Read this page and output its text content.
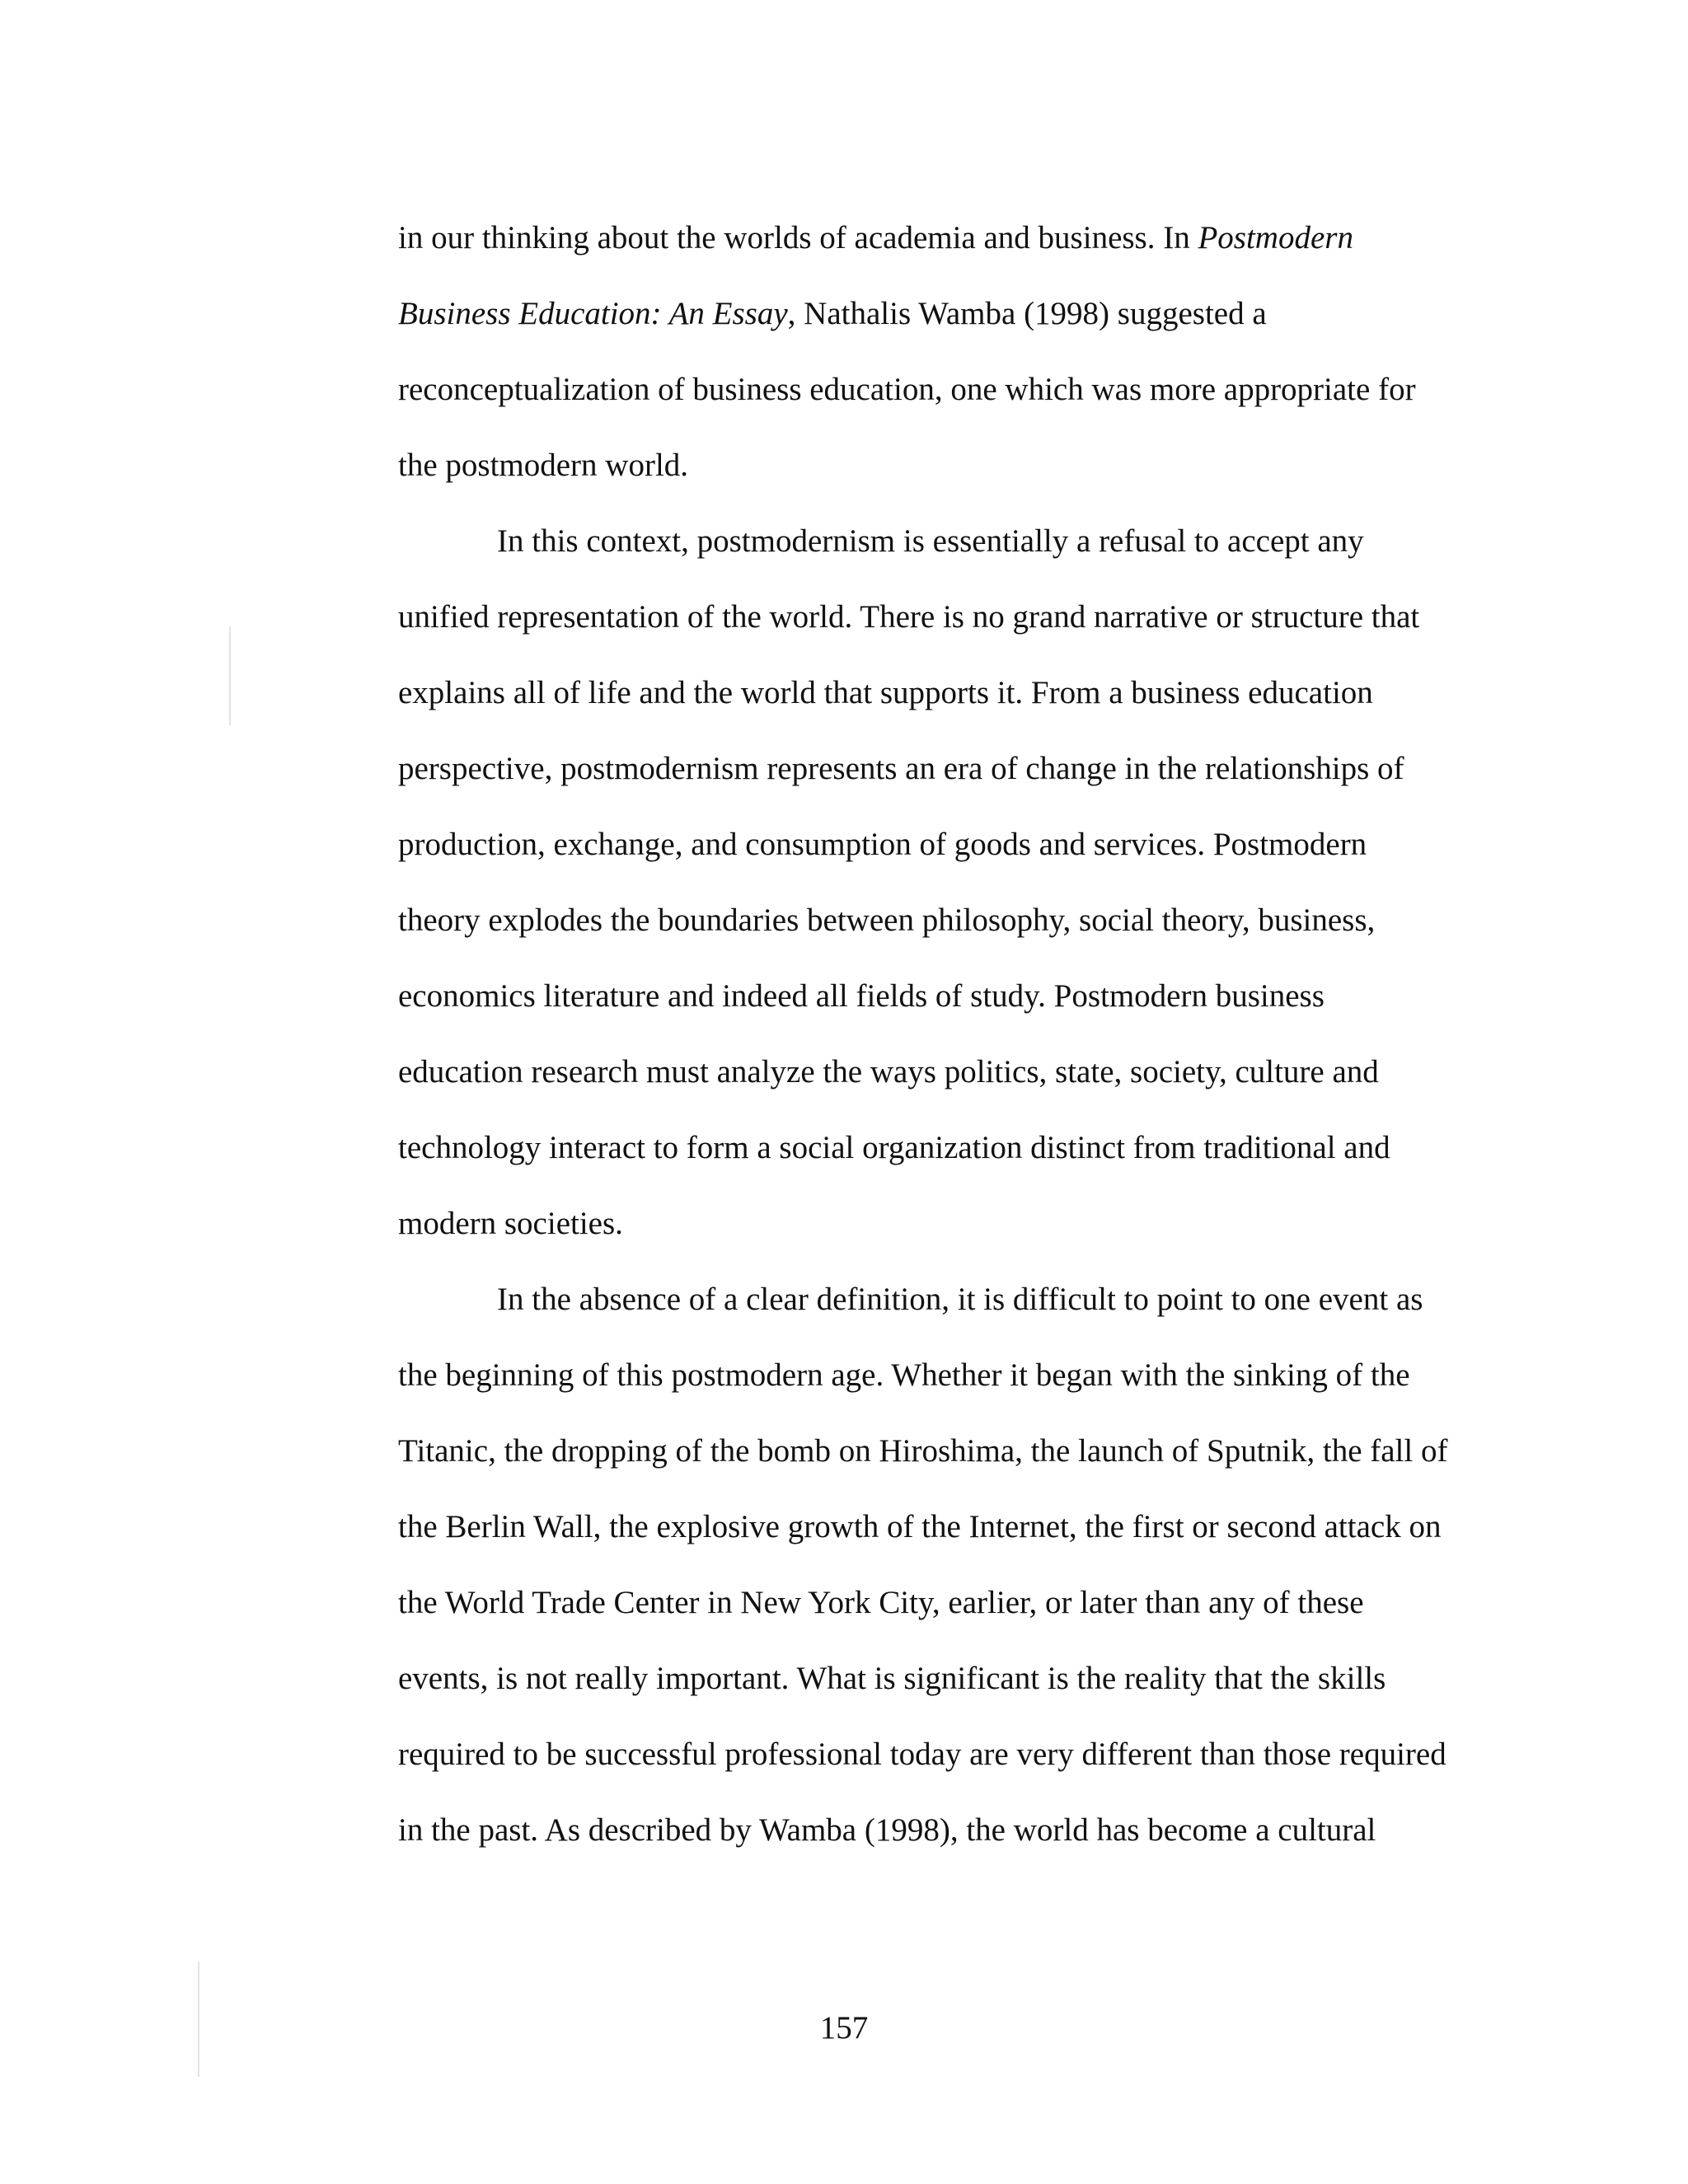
in our thinking about the worlds of academia and business. In Postmodern
Business Education: An Essay, Nathalis Wamba (1998) suggested a
reconceptualization of business education, one which was more appropriate for
the postmodern world.
In this context, postmodernism is essentially a refusal to accept any
unified representation of the world. There is no grand narrative or structure that
explains all of life and the world that supports it. From a business education
perspective, postmodernism represents an era of change in the relationships of
production, exchange, and consumption of goods and services. Postmodern
theory explodes the boundaries between philosophy, social theory, business,
economics literature and indeed all fields of study. Postmodern business
education research must analyze the ways politics, state, society, culture and
technology interact to form a social organization distinct from traditional and
modern societies.
In the absence of a clear definition, it is difficult to point to one event as
the beginning of this postmodern age. Whether it began with the sinking of the
Titanic, the dropping of the bomb on Hiroshima, the launch of Sputnik, the fall of
the Berlin Wall, the explosive growth of the Internet, the first or second attack on
the World Trade Center in New York City, earlier, or later than any of these
events, is not really important. What is significant is the reality that the skills
required to be successful professional today are very different than those required
in the past. As described by Wamba (1998), the world has become a cultural
157
